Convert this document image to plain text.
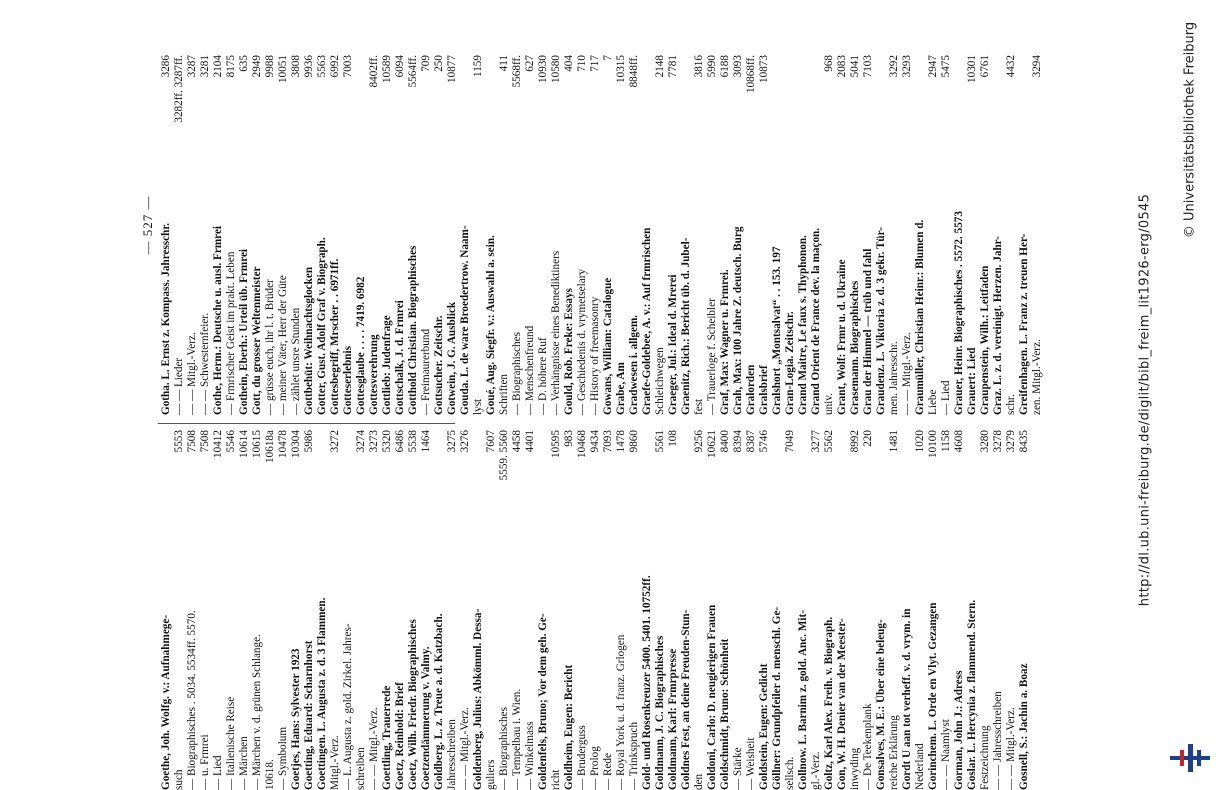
— 527 —
Goethe, Joh. Wolfg. v.: Aufnahmege- such
5553
— Biographisches . 5034. 5534ff. 5570.
7508
— u. Frmrei
7508
— Lied
10412
— Italienische Reise
5546
— Märchen
10614
— Märchen v. d. grünen Schlange.
10615
10618.
10618a
— Symbolum
10478
Goetjes, Hans: Sylvester 1923
10304
Goetting, Eduard: Scharnhorst
5986
Goettingen. L. Augusta z. d. 3 Flammen. Mitgl.-Verz.
3272
— L. Augusta z. gold. Zirkel. Jahres- schreiben
3274
— — Mitgl.-Verz.
3273
Goettling, Trauerrede
5320
Goetz, Reinhold: Brief
6486
Goetz, Wilh. Friedr. Biographisches
5538
Goetzendämmerung v. Valmy.
1464
Goldberg. L. z. Treue a. d. Katzbach. Jahresschreiben
3275
— — Mitgl.-Verz.
3276
Goldenberg, Julius: Abkömml. Dessa- guliers
7607
— Biographisches
5559. 5560
— Tempelbau i. Wien.
4458
— Winkelmass
4401
Goldenfels, Bruno; Vor dem geh. Ge- richt
10595
Goldheim, Eugen: Bericht
983
— Bruderguss
10468
— Prolog
9434
— Rede
7093
— Royal York u. d. franz. Grlogen
1478
— Trinkspruch
9860
Gold- und Rosenkreuzer 5400. 5401. 10752ff. Goldmann, J. C. Biographisches
5561
Goldmann, Karl: Frmrpresse
108
Goldnes Fest, an deine Freuden-Stun- den
9256
Goldoni, Carlo: D. neugierigen Frauen
10621
Goldschmidt, Bruno: Schönheit
8400
— Stärke
8394
— Weisheit
8387
Goldstein, Eugen: Gedicht
5746
Göllner: Grundpfeiler d. menschl. Ge- sellsch.
7049
Gollnow. L. Barnim z. gold. Anc. Mit- gl.-Verz.
3277
Goltz, Karl Alex. Freih. v. Biograph.
5562
Gon, W. H. Denier van der Meester- inwyding
8992
— De Teekenplank
220
Gonsalves, M. E.: Über eine beleug- reiche Erklärung
1481
Gordt U aan tot verheff. v. d. vrym. in Nederland
1020
Gorinchem. L. Orde en Vlyt. Gezangen
10100
— — Naamlyst
1158
Gorman, John J.: Adress
4608
Goslar. L. Hercynia z. flammend. Stern. Festzeichnung
3280
— — Jahresschreiben
3278
— — Mitgl.-Verz.
3279
Gosnell, S.: Jachin a. Boaz
8435
Gotha. L. Ernst z. Kompass. Jahresschr.
3286
— — Lieder
3282ff. 3287ff.
— — Mitgl.-Verz.
3287
— — Schwesternfeier.
3281
Gothe, Herm.: Deutsche u. ausl. Frmrei
2104
— Frmrischer Geist im prakt. Leben
8175
Gothein, Eberh.: Urteil üb. Frmrei
635
Gott, du grosser Weltenmeister
2949
— grüsse euch, ihr l. t. Brüder
9988
— meiner Väter, Herr der Güte
10051
— zählet unsre Stunden
3808
Gottbehüt: Weihnachtsglocken
9936
Gotter, Gust. Adolf Graf v. Biograph.
5563
Gottesbegriff, Mrscher . . 6971ff.
6992
Gotteserlebnis
7003
Gottesglaube . . . . 7419. 6982 Gottesverehrung
8402ff.
Gottlieb: Judenfrage
10589
Gottschalk, J. d. Frmrei
6094
Gotthold Christian. Biographisches
5564ff.
— Freimaurerbund
709
Gottsucher. Zeitschr.
250
Gotwein, J. G. Ausblick
10877
Gouda. L. de ware Broedertrow. Naam- lyst
1159
Goué, Aug. Siegfr. v.: Auswahl a. sein. Schriften
411
— Biographisches
5568ff.
— Menschenfreund
627
— D. höhere Ruf
10930
— Verhängnisse eines Benediktiners
10580
Gould, Rob. Freke: Essays
404
— Geschiedenis d. vrymetselary
710
— History of freemasonry
717
Gowans, William: Catalogue
7
Grabe, Am
10315
Gradwesen i. allgem.
8848ff.
Graefe-Goldebee, A. v.: Auf frmrischen Schleichwegen
2148
Graeger, Jul.: Ideal d. Mrerei
7781
Graenitz, Rich.: Bericht üb. d. Jubel- fest
3816
— Trauerloge f. Scheibler
5990
Graf, Max: Wagner u. Frmrei.
6188
Grah, Max: 100 Jahre Z. deutsch. Burg
3093
Gralorden
10868ff.
Gralsbrief
10873
Gralshort „Montsalvat“ . . 153. 197 Gran-Logia. Zeitschr. Grand Maitre, Le faux s. Thyphonon. Grand Orient de France dev. la maçon. univ.
968
Grant, Wolf: Frmr u. d. Ukraine
2083
Grasemann. Biographisches
5041
Grau der Himmel — trüb und fahl
7103
Graudenz. L. Viktoria z. d. 3 gekr. Tür- men. Jahresschr.
3292
— — Mitgl.-Verz.
3293
Graumüller, Christian Heinr.: Blumen d. Liebe
2947
— Lied
5475
Grauer, Heinr. Biographisches . 5572. 5573 Grauert: Lied
10301
Graupenstein, Wilh.: Leitfaden
6761
Graz. L. z. d. vereinigt. Herzen. Jahr- schr.
4432
Greifenhagen. L. Franz z. treuen Her- zen. Mitgl.-Verz.
3294
http://dl.ub.uni-freiburg.de/diglit/bibl_freim_lit1926-erg/0545
© Universitätsbibliothek Freiburg
